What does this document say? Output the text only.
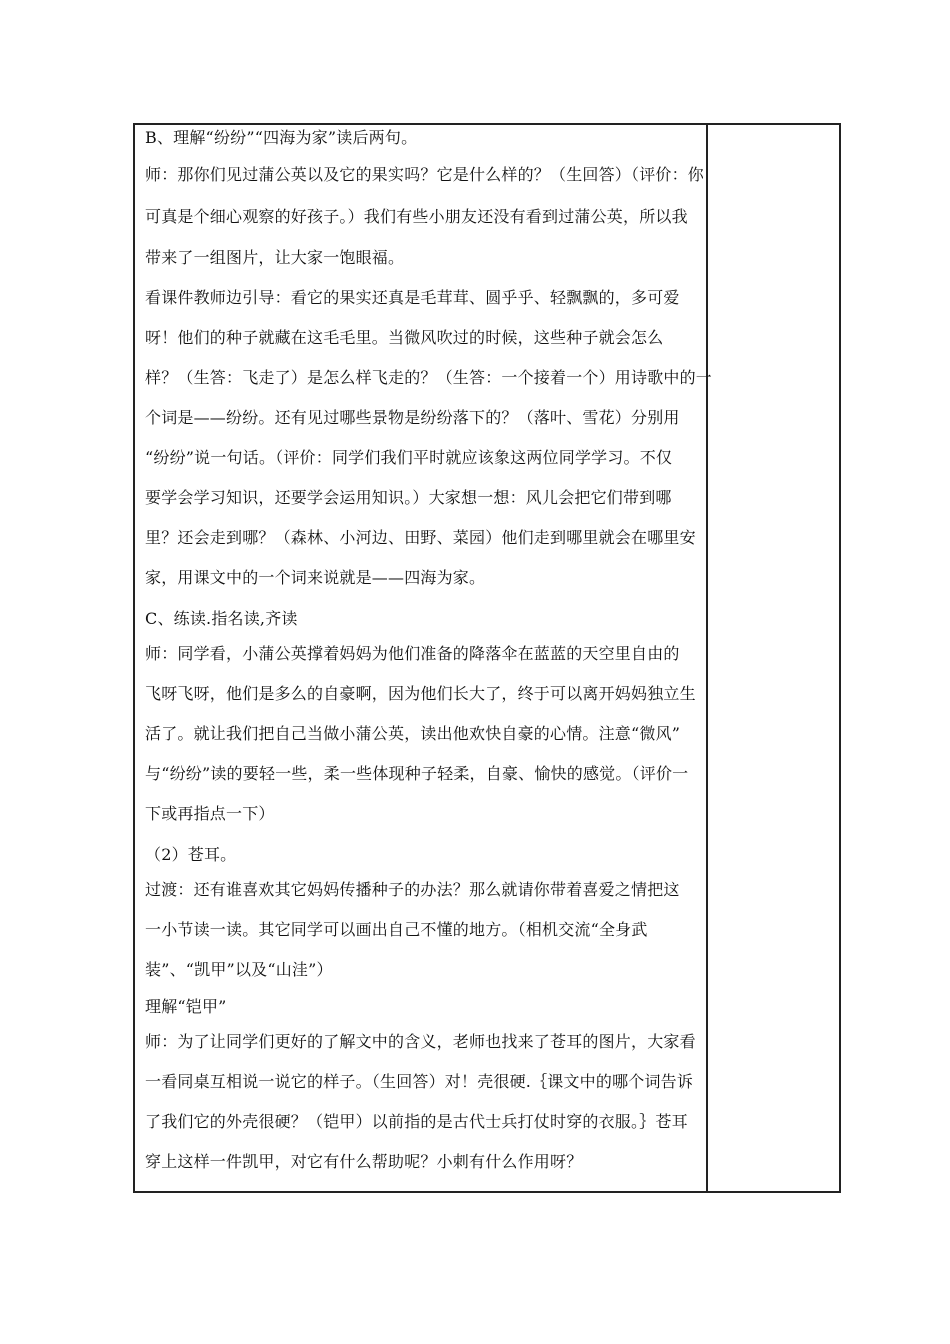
B、理解“纷纷”“四海为家”读后两句。
师：那你们见过蒲公英以及它的果实吗？它是什么样的？（生回答）（评价：你
可真是个细心观察的好孩子。）我们有些小朋友还没有看到过蒲公英，所以我
带来了一组图片，让大家一饱眼福。
看课件教师边引导：看它的果实还真是毛茸茸、圆乎乎、轻飘飘的，多可爱
呀！他们的种子就藏在这毛毛里。当微风吹过的时候，这些种子就会怎么
样？（生答：飞走了）是怎么样飞走的？（生答：一个接着一个）用诗歌中的一
个词是——纷纷。还有见过哪些景物是纷纷落下的？（落叶、雪花）分别用
“纷纷”说一句话。（评价：同学们我们平时就应该象这两位同学学习。不仅
要学会学习知识，还要学会运用知识。）大家想一想：风儿会把它们带到哪
里？还会走到哪？（森林、小河边、田野、菜园）他们走到哪里就会在哪里安
家，用课文中的一个词来说就是——四海为家。
C、练读.指名读,齐读
师：同学看，小蒲公英撑着妈妈为他们准备的降落伞在蓝蓝的天空里自由的
飞呀飞呀，他们是多么的自豪啊，因为他们长大了，终于可以离开妈妈独立生
活了。就让我们把自己当做小蒲公英，读出他欢快自豪的心情。注意“微风”
与“纷纷”读的要轻一些，柔一些体现种子轻柔，自豪、愉快的感觉。（评价一
下或再指点一下）
（2）苍耳。
过渡：还有谁喜欢其它妈妈传播种子的办法？那么就请你带着喜爱之情把这
一小节读一读。其它同学可以画出自己不懂的地方。（相机交流“全身武
装”、“凯甲”以及“山洼”）
理解“铠甲”
师：为了让同学们更好的了解文中的含义，老师也找来了苍耳的图片，大家看
一看同桌互相说一说它的样子。（生回答）对！壳很硬.｛课文中的哪个词告诉
了我们它的外壳很硬？（铠甲）以前指的是古代士兵打仗时穿的衣服。｝苍耳
穿上这样一件凯甲，对它有什么帮助呢？小刺有什么作用呀？
